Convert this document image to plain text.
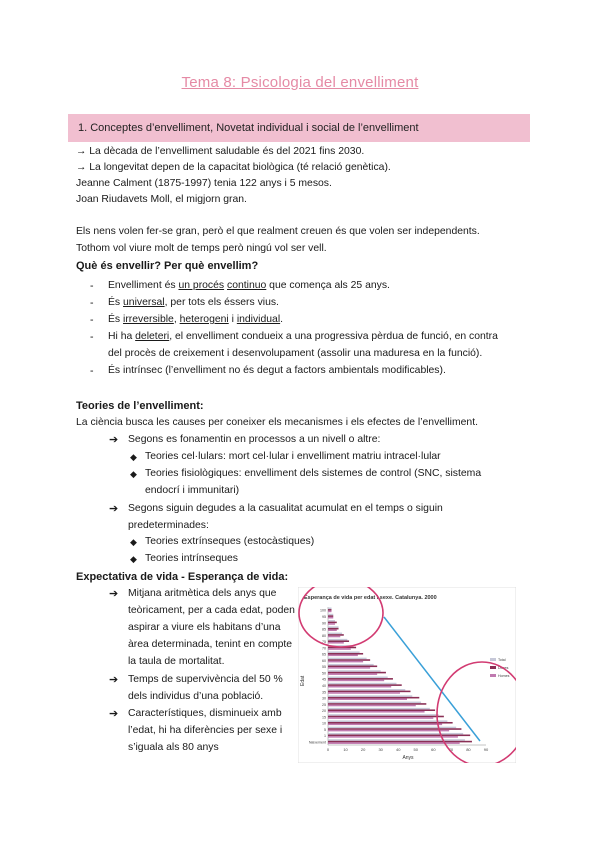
Tema 8: Psicologia del envelliment
1. Conceptes d’envelliment, Novetat individual i social de l’envelliment
→ La dècada de l’envelliment saludable és del 2021 fins 2030.
→ La longevitat depen de la capacitat biològica (té relació genètica).
Jeanne Calment (1875-1997) tenia 122 anys i 5 mesos.
Joan Riudavets Moll, el migjorn gran.
Els nens volen fer-se gran, però el que realment creuen és que volen ser independents.
Tothom vol viure molt de temps però ningú vol ser vell.
Què és envellir? Per què envellim?
- Envelliment és un procés continuo que comença als 25 anys.
- És universal, per tots els éssers vius.
- És irreversible, heterogeni i individual.
- Hi ha deleteri, el envelliment condueix a una progressiva pèrdua de funció, en contra
del procès de creixement i desenvolupament (assolir una maduresa en la funció).
- És intrínsec (l’envelliment no és degut a factors ambientals modificables).
Teories de l’envelliment:
La ciència busca les causes per coneixer els mecanismes i els efectes de l’envelliment.
➔ Segons es fonamentin en processos a un nivell o altre:
◆ Teories cel·lulars: mort cel·lular i envelliment matriu intracel·lular
◆ Teories fisiològiques: envelliment dels sistemes de control (SNC, sistema
endocrí i immunitari)
➔ Segons siguin degudes a la casualitat acumulat en el temps o siguin
predeterminades:
◆ Teories extrínseques (estocàstiques)
◆ Teories intrínseques
Expectativa de vida - Esperança de vida:
➔ Mitjana aritmètica dels anys que
teòricament, per a cada edat, poden
aspirar a viure els habitans d’una
àrea determinada, tenint en compte
la taula de mortalitat.
➔ Temps de supervivència del 50 %
dels individus d’una població.
➔ Característiques, disminueix amb
l’edat, hi ha diferències per sexe i
s’iguala als 80 anys
Esperança de vida per edat i sexe. Catalunya. 2000
Edat
Anys
100
95
90
85
80
75
70
65
60
55
50
45
40
35
30
25
20
15
10
5
1
Naixement
0	10	20	30	40	50	60	70	80	90
Total
Dones
Homes
